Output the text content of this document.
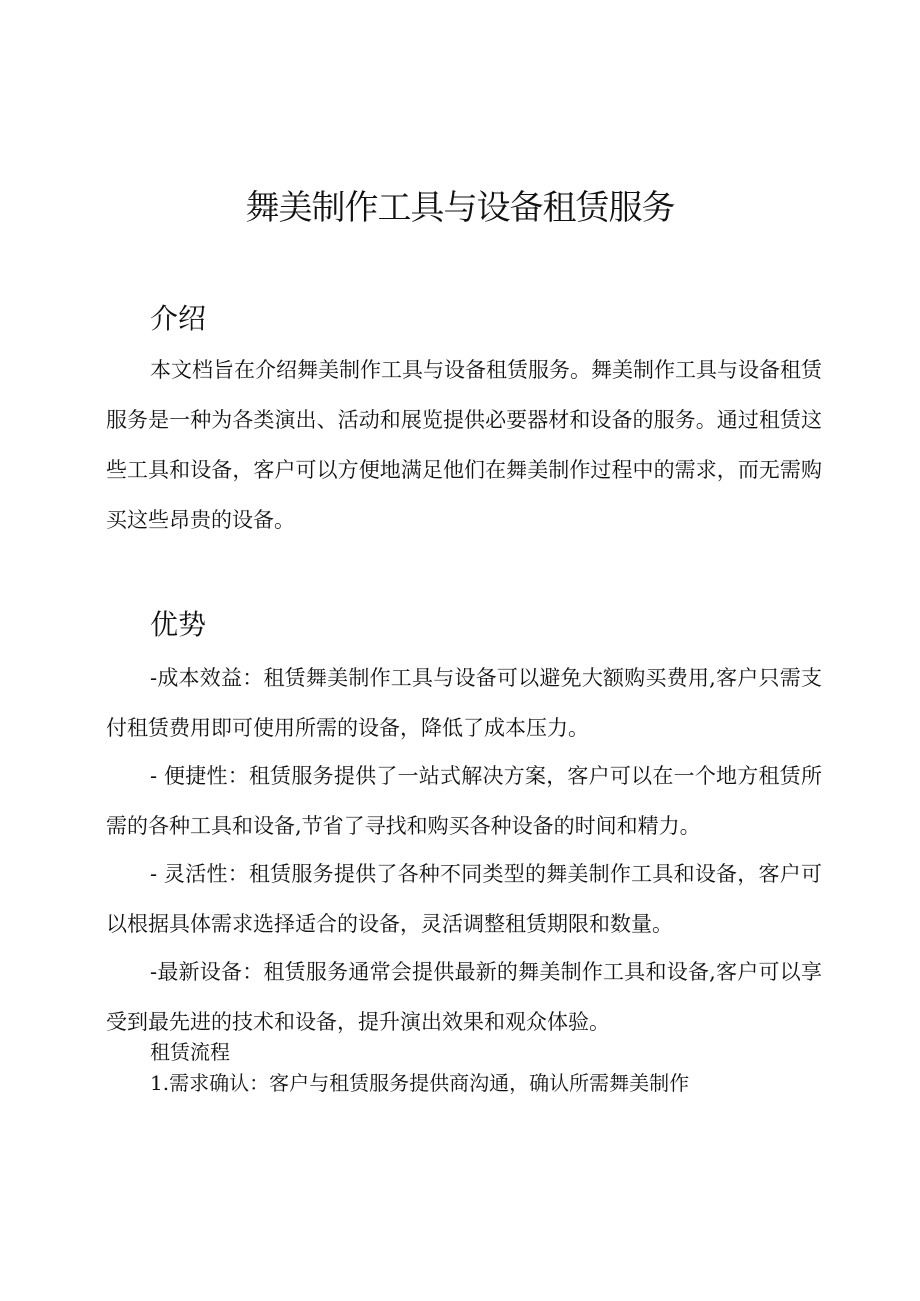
舞美制作工具与设备租赁服务
介绍

本文档旨在介绍舞美制作工具与设备租赁服务。舞美制作工具与设备租赁服务是一种为各类演出、活动和展览提供必要器材和设备的服务。通过租赁这些工具和设备，客户可以方便地满足他们在舞美制作过程中的需求，而无需购买这些昂贵的设备。

优势

-成本效益：租赁舞美制作工具与设备可以避免大额购买费用,客户只需支付租赁费用即可使用所需的设备，降低了成本压力。

- 便捷性：租赁服务提供了一站式解决方案，客户可以在一个地方租赁所需的各种工具和设备,节省了寻找和购买各种设备的时间和精力。

- 灵活性：租赁服务提供了各种不同类型的舞美制作工具和设备，客户可以根据具体需求选择适合的设备，灵活调整租赁期限和数量。

-最新设备：租赁服务通常会提供最新的舞美制作工具和设备,客户可以享受到最先进的技术和设备，提升演出效果和观众体验。

租赁流程

1.需求确认：客户与租赁服务提供商沟通，确认所需舞美制作
